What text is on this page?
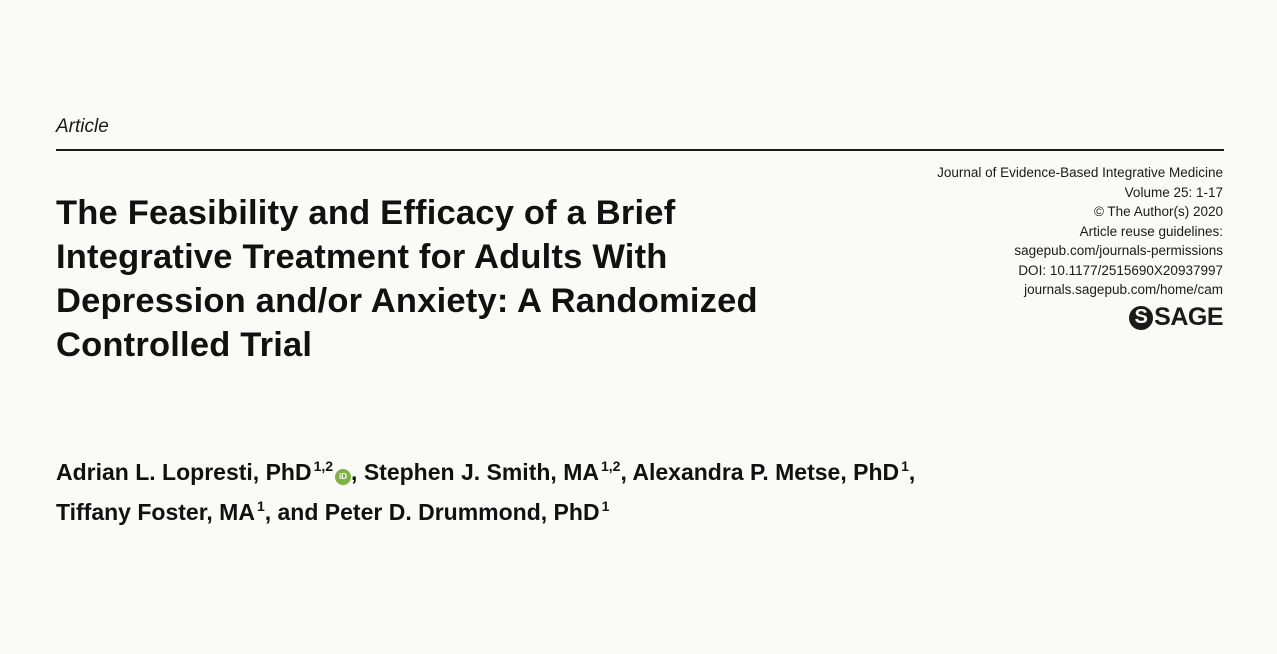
Article
The Feasibility and Efficacy of a Brief
Integrative Treatment for Adults With
Depression and/or Anxiety: A Randomized
Controlled Trial
Journal of Evidence-Based Integrative Medicine
Volume 25: 1-17
© The Author(s) 2020
Article reuse guidelines:
sagepub.com/journals-permissions
DOI: 10.1177/2515690X20937997
journals.sagepub.com/home/cam
S SAGE
Adrian L. Lopresti, PhD $^{1,2}$iD , Stephen J. Smith, MA $^{1,2}$, Alexandra P. Metse, PhD $^1$,
Tiffany Foster, MA $^1$, and Peter D. Drummond, PhD $^1$
